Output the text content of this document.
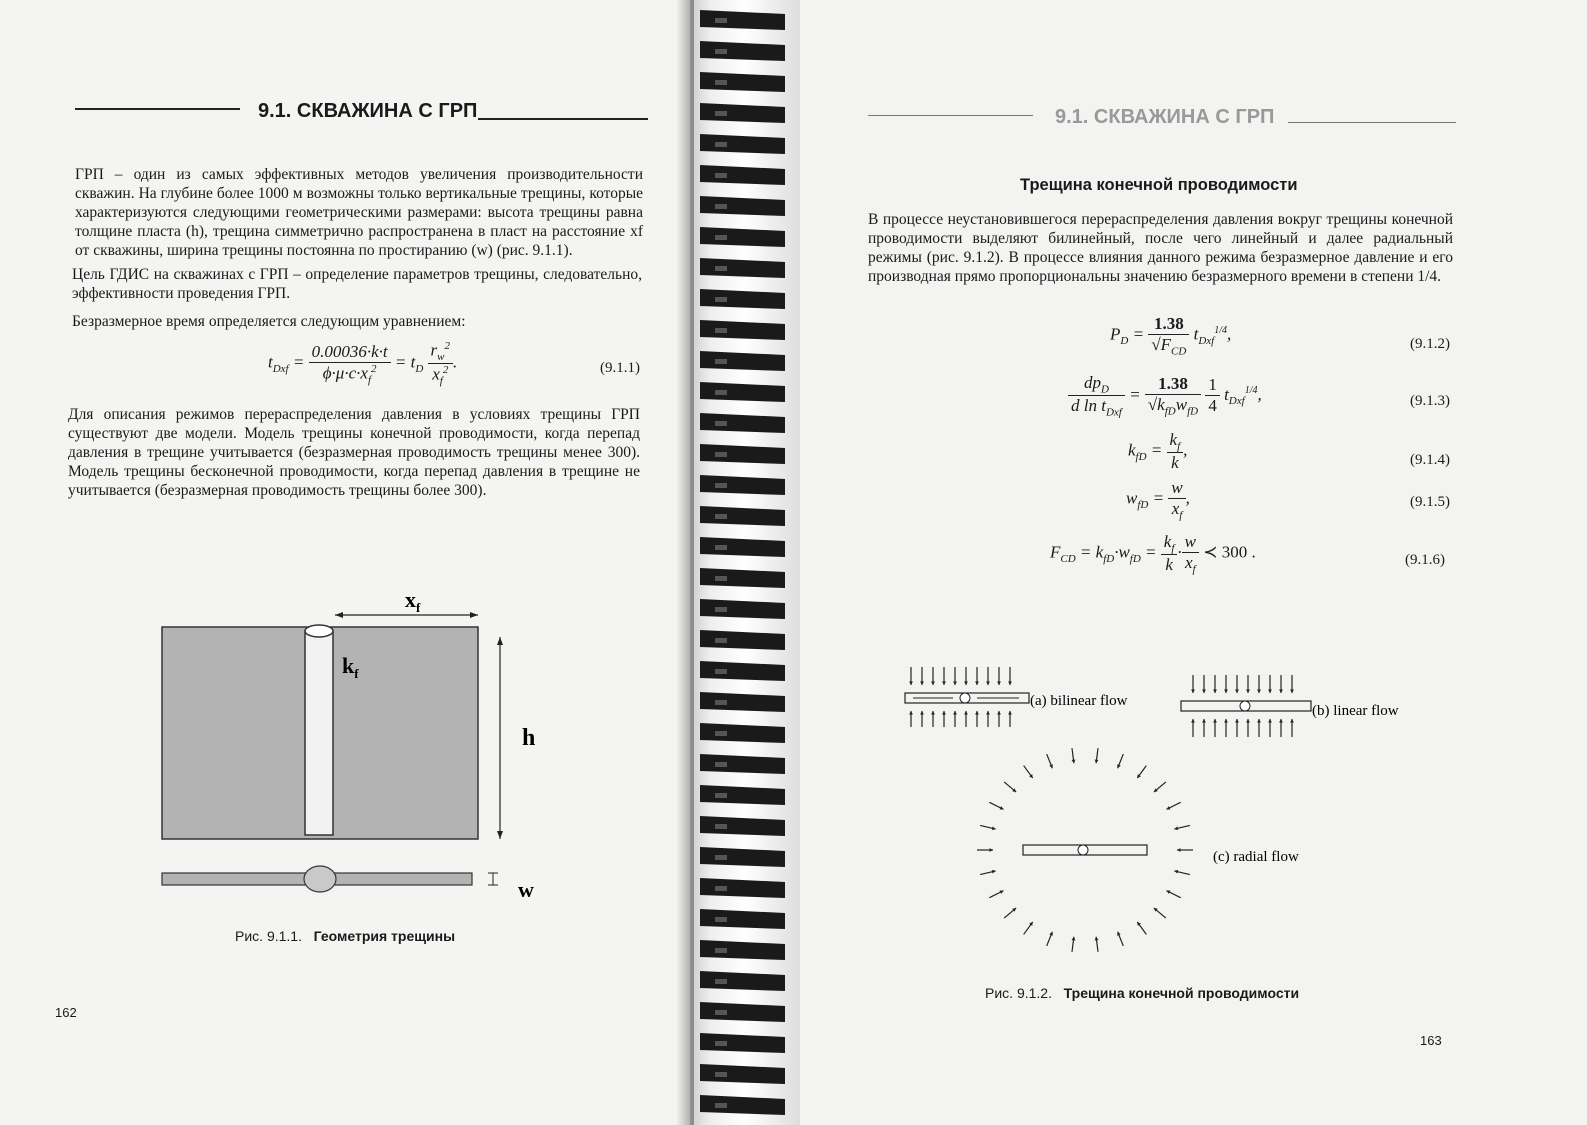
9.1. СКВАЖИНА С ГРП
ГРП – один из самых эффективных методов увеличения производительности скважин. На глубине более 1000 м возможны только вертикальные трещины, которые характеризуются следующими геометрическими размерами: высота трещины равна толщине пласта (h), трещина симметрично распространена в пласт на расстояние xf от скважины, ширина трещины постоянна по простиранию (w) (рис. 9.1.1).
Цель ГДИС на скважинах с ГРП – определение параметров трещины, следовательно, эффективности проведения ГРП.
Безразмерное время определяется следующим уравнением:
$t_{Dxf} = \frac{0.00036\cdot k\cdot t}{\phi\cdot\mu\cdot c\cdot x_f^2} = t_D \frac{r_w^2}{x_f^2}$ .	(9.1.1)
Для описания режимов перераспределения давления в условиях трещины ГРП существуют две модели. Модель трещины конечной проводимости, когда перепад давления в трещине учитывается (безразмерная проводимость трещины менее 300). Модель трещины бесконечной проводимости, когда перепад давления в трещине не учитывается (безразмерная проводимость трещины более 300).
$x_f$
$k_f$
h
w
Рис. 9.1.1. Геометрия трещины
162
9.1. СКВАЖИНА С ГРП
Трещина конечной проводимости
В процессе неустановившегося перераспределения давления вокруг трещины конечной проводимости выделяют билинейный, после чего линейный и далее радиальный режимы (рис. 9.1.2). В процессе влияния данного режима безразмерное давление и его производная прямо пропорциональны значению безразмерного времени в степени 1/4.
$P_D = \frac{1.38}{√F_{CD}} t_{Dxf}^{1/4}$,
$\frac{dp_D}{d \ln t_{Dxf}} = \frac{1.38}{√k_{fD}w_{fD}}$
$\frac{1}{4} t_{Dxf}^{1/4}$,
$k_{fD} = \frac{k_f}{k}$ ,
$w_{fD} = \frac{w}{x_f}$ ,
$F_{CD} = k_{fD}\cdot w_{fD} = \frac{k_f}{k} \cdot \frac{w}{x_f}$ ≺ 300 .
(9.1.2)
(9.1.3)
(9.1.4)
(9.1.5)
(9.1.6)
(a) bilinear flow
(b) linear flow
(c) radial flow
Рис. 9.1.2. Трещина конечной проводимости
163
